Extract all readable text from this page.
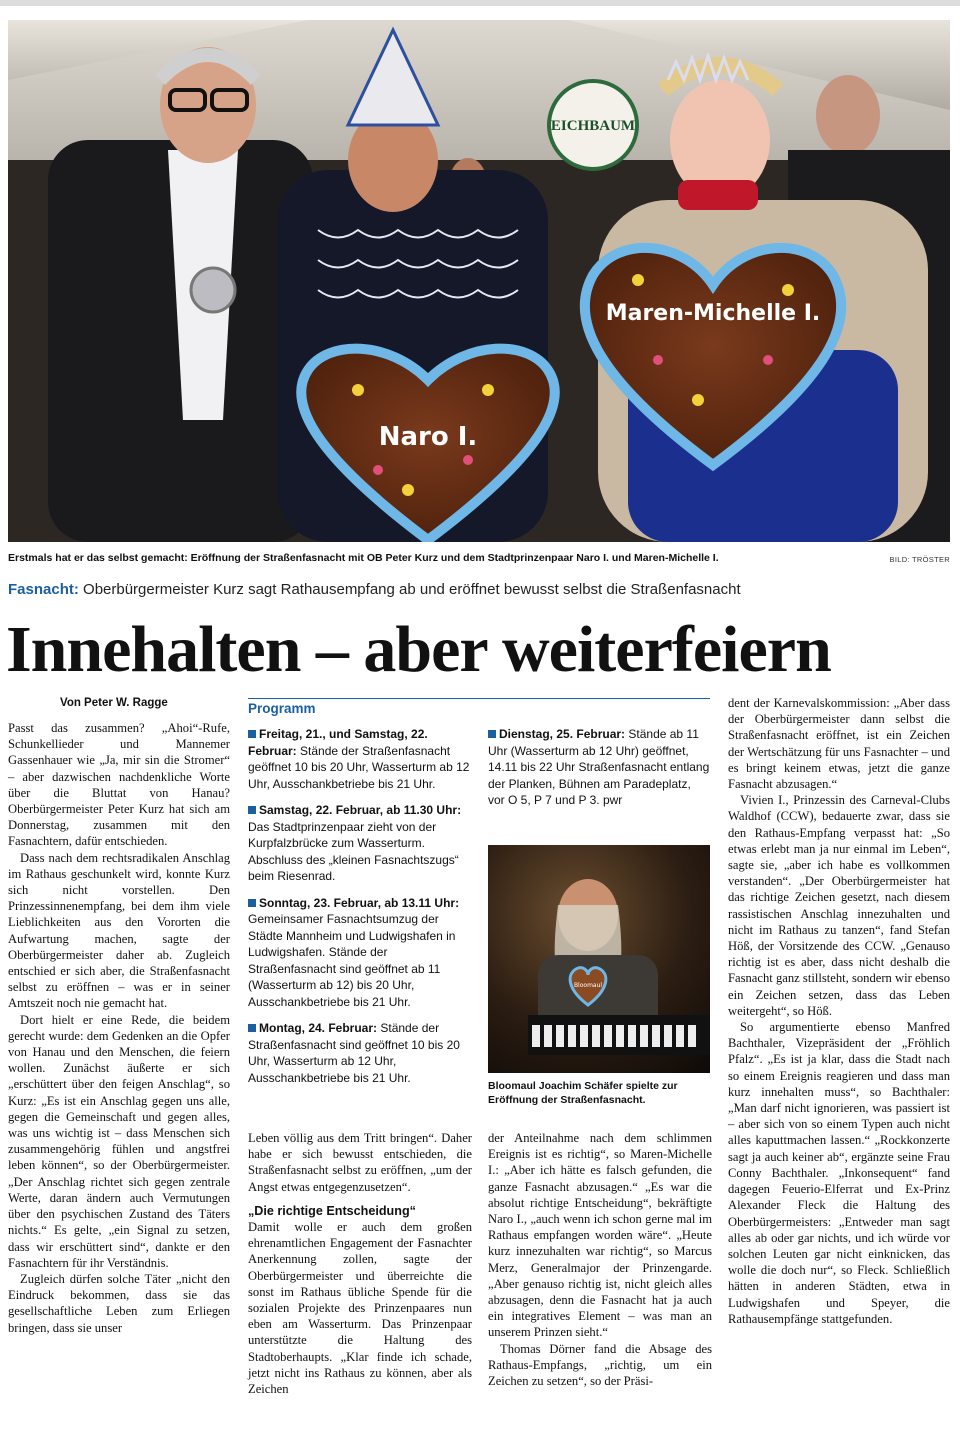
EICHBAUM
Naro I.
Maren-Michelle I.
Erstmals hat er das selbst gemacht: Eröffnung der Straßenfasnacht mit OB Peter Kurz und dem Stadtprinzenpaar Naro I. und Maren-Michelle I.	BILD: TRÖSTER
Fasnacht: Oberbürgermeister Kurz sagt Rathausempfang ab und eröffnet bewusst selbst die Straßenfasnacht
Innehalten – aber weiterfeiern
Von Peter W. Ragge

Passt das zusammen? „Ahoi“-Rufe, Schunkellieder und Mannemer Gassenhauer wie „Ja, mir sin die Stromer“ – aber dazwischen nachdenkliche Worte über die Bluttat von Hanau? Oberbürgermeister Peter Kurz hat sich am Donnerstag, zusammen mit den Fasnachtern, dafür entschieden.

Dass nach dem rechtsradikalen Anschlag im Rathaus geschunkelt wird, konnte Kurz sich nicht vorstellen. Den Prinzessinnenempfang, bei dem ihm viele Lieblichkeiten aus den Vororten die Aufwartung machen, sagte der Oberbürgermeister daher ab. Zugleich entschied er sich aber, die Straßenfasnacht selbst zu eröffnen – was er in seiner Amtszeit noch nie gemacht hat.

Dort hielt er eine Rede, die beidem gerecht wurde: dem Gedenken an die Opfer von Hanau und den Menschen, die feiern wollen. Zunächst äußerte er sich „erschüttert über den feigen Anschlag“, so Kurz: „Es ist ein Anschlag gegen uns alle, gegen die Gemeinschaft und gegen alles, was uns wichtig ist – dass Menschen sich zusammengehörig fühlen und angstfrei leben können“, so der Oberbürgermeister. „Der Anschlag richtet sich gegen zentrale Werte, daran ändern auch Vermutungen über den psychischen Zustand des Täters nichts.“ Es gelte, „ein Signal zu setzen, dass wir erschüttert sind“, dankte er den Fasnachtern für ihr Verständnis.

Zugleich dürfen solche Täter „nicht den Eindruck bekommen, dass sie das gesellschaftliche Leben zum Erliegen bringen, dass sie unser

Programm
Freitag, 21., und Samstag, 22. Februar: Stände der Straßenfasnacht geöffnet 10 bis 20 Uhr, Wasserturm ab 12 Uhr, Ausschankbetriebe bis 21 Uhr.
Samstag, 22. Februar, ab 11.30 Uhr: Das Stadtprinzenpaar zieht von der Kurpfalzbrücke zum Wasserturm. Abschluss des „kleinen Fasnachtszugs“ beim Riesenrad.
Sonntag, 23. Februar, ab 13.11 Uhr: Gemeinsamer Fasnachtsumzug der Städte Mannheim und Ludwigshafen in Ludwigshafen. Stände der Straßenfasnacht sind geöffnet ab 11 (Wasserturm ab 12) bis 20 Uhr, Ausschankbetriebe bis 21 Uhr.
Montag, 24. Februar: Stände der Straßenfasnacht sind geöffnet 10 bis 20 Uhr, Wasserturm ab 12 Uhr, Ausschankbetriebe bis 21 Uhr.
Dienstag, 25. Februar: Stände ab 11 Uhr (Wasserturm ab 12 Uhr) geöffnet, 14.11 bis 22 Uhr Straßenfasnacht entlang der Planken, Bühnen am Paradeplatz, vor O 5, P 7 und P 3. pwr
Bloomaul
Bloomaul Joachim Schäfer spielte zur Eröffnung der Straßenfasnacht.

Leben völlig aus dem Tritt bringen“. Daher habe er sich bewusst entschieden, die Straßenfasnacht selbst zu eröffnen, „um der Angst etwas entgegenzusetzen“.

„Die richtige Entscheidung“

Damit wolle er auch dem großen ehrenamtlichen Engagement der Fasnachter Anerkennung zollen, sagte der Oberbürgermeister und überreichte die sonst im Rathaus übliche Spende für die sozialen Projekte des Prinzenpaares nun eben am Wasserturm. Das Prinzenpaar unterstützte die Haltung des Stadtoberhaupts. „Klar finde ich schade, jetzt nicht ins Rathaus zu können, aber als Zeichen

der Anteilnahme nach dem schlimmen Ereignis ist es richtig“, so Maren-Michelle I.: „Aber ich hätte es falsch gefunden, die ganze Fasnacht abzusagen.“ „Es war die absolut richtige Entscheidung“, bekräftigte Naro I., „auch wenn ich schon gerne mal im Rathaus empfangen worden wäre“. „Heute kurz innezuhalten war richtig“, so Marcus Merz, Generalmajor der Prinzengarde. „Aber genauso richtig ist, nicht gleich alles abzusagen, denn die Fasnacht hat ja auch ein integratives Element – was man an unserem Prinzen sieht.“

Thomas Dörner fand die Absage des Rathaus-Empfangs, „richtig, um ein Zeichen zu setzen“, so der Präsi-

dent der Karnevalskommission: „Aber dass der Oberbürgermeister dann selbst die Straßenfasnacht eröffnet, ist ein Zeichen der Wertschätzung für uns Fasnachter – und es bringt keinem etwas, jetzt die ganze Fasnacht abzusagen.“

Vivien I., Prinzessin des Carneval-Clubs Waldhof (CCW), bedauerte zwar, dass sie den Rathaus-Empfang verpasst hat: „So etwas erlebt man ja nur einmal im Leben“, sagte sie, „aber ich habe es vollkommen verstanden“. „Der Oberbürgermeister hat das richtige Zeichen gesetzt, nach diesem rassistischen Anschlag innezuhalten und nicht im Rathaus zu tanzen“, fand Stefan Höß, der Vorsitzende des CCW. „Genauso richtig ist es aber, dass nicht deshalb die Fasnacht ganz stillsteht, sondern wir ebenso ein Zeichen setzen, dass das Leben weitergeht“, so Höß.

So argumentierte ebenso Manfred Bachthaler, Vizepräsident der „Fröhlich Pfalz“. „Es ist ja klar, dass die Stadt nach so einem Ereignis reagieren und dass man kurz innehalten muss“, so Bachthaler: „Man darf nicht ignorieren, was passiert ist – aber sich von so einem Typen auch nicht alles kaputtmachen lassen.“ „Rockkonzerte sagt ja auch keiner ab“, ergänzte seine Frau Conny Bachthaler. „Inkonsequent“ fand dagegen Feuerio-Elferrat und Ex-Prinz Alexander Fleck die Haltung des Oberbürgermeisters: „Entweder man sagt alles ab oder gar nichts, und ich würde vor solchen Leuten gar nicht einknicken, das wolle die doch nur“, so Fleck. Schließlich hätten in anderen Städten, etwa in Ludwigshafen und Speyer, die Rathausempfänge stattgefunden.
